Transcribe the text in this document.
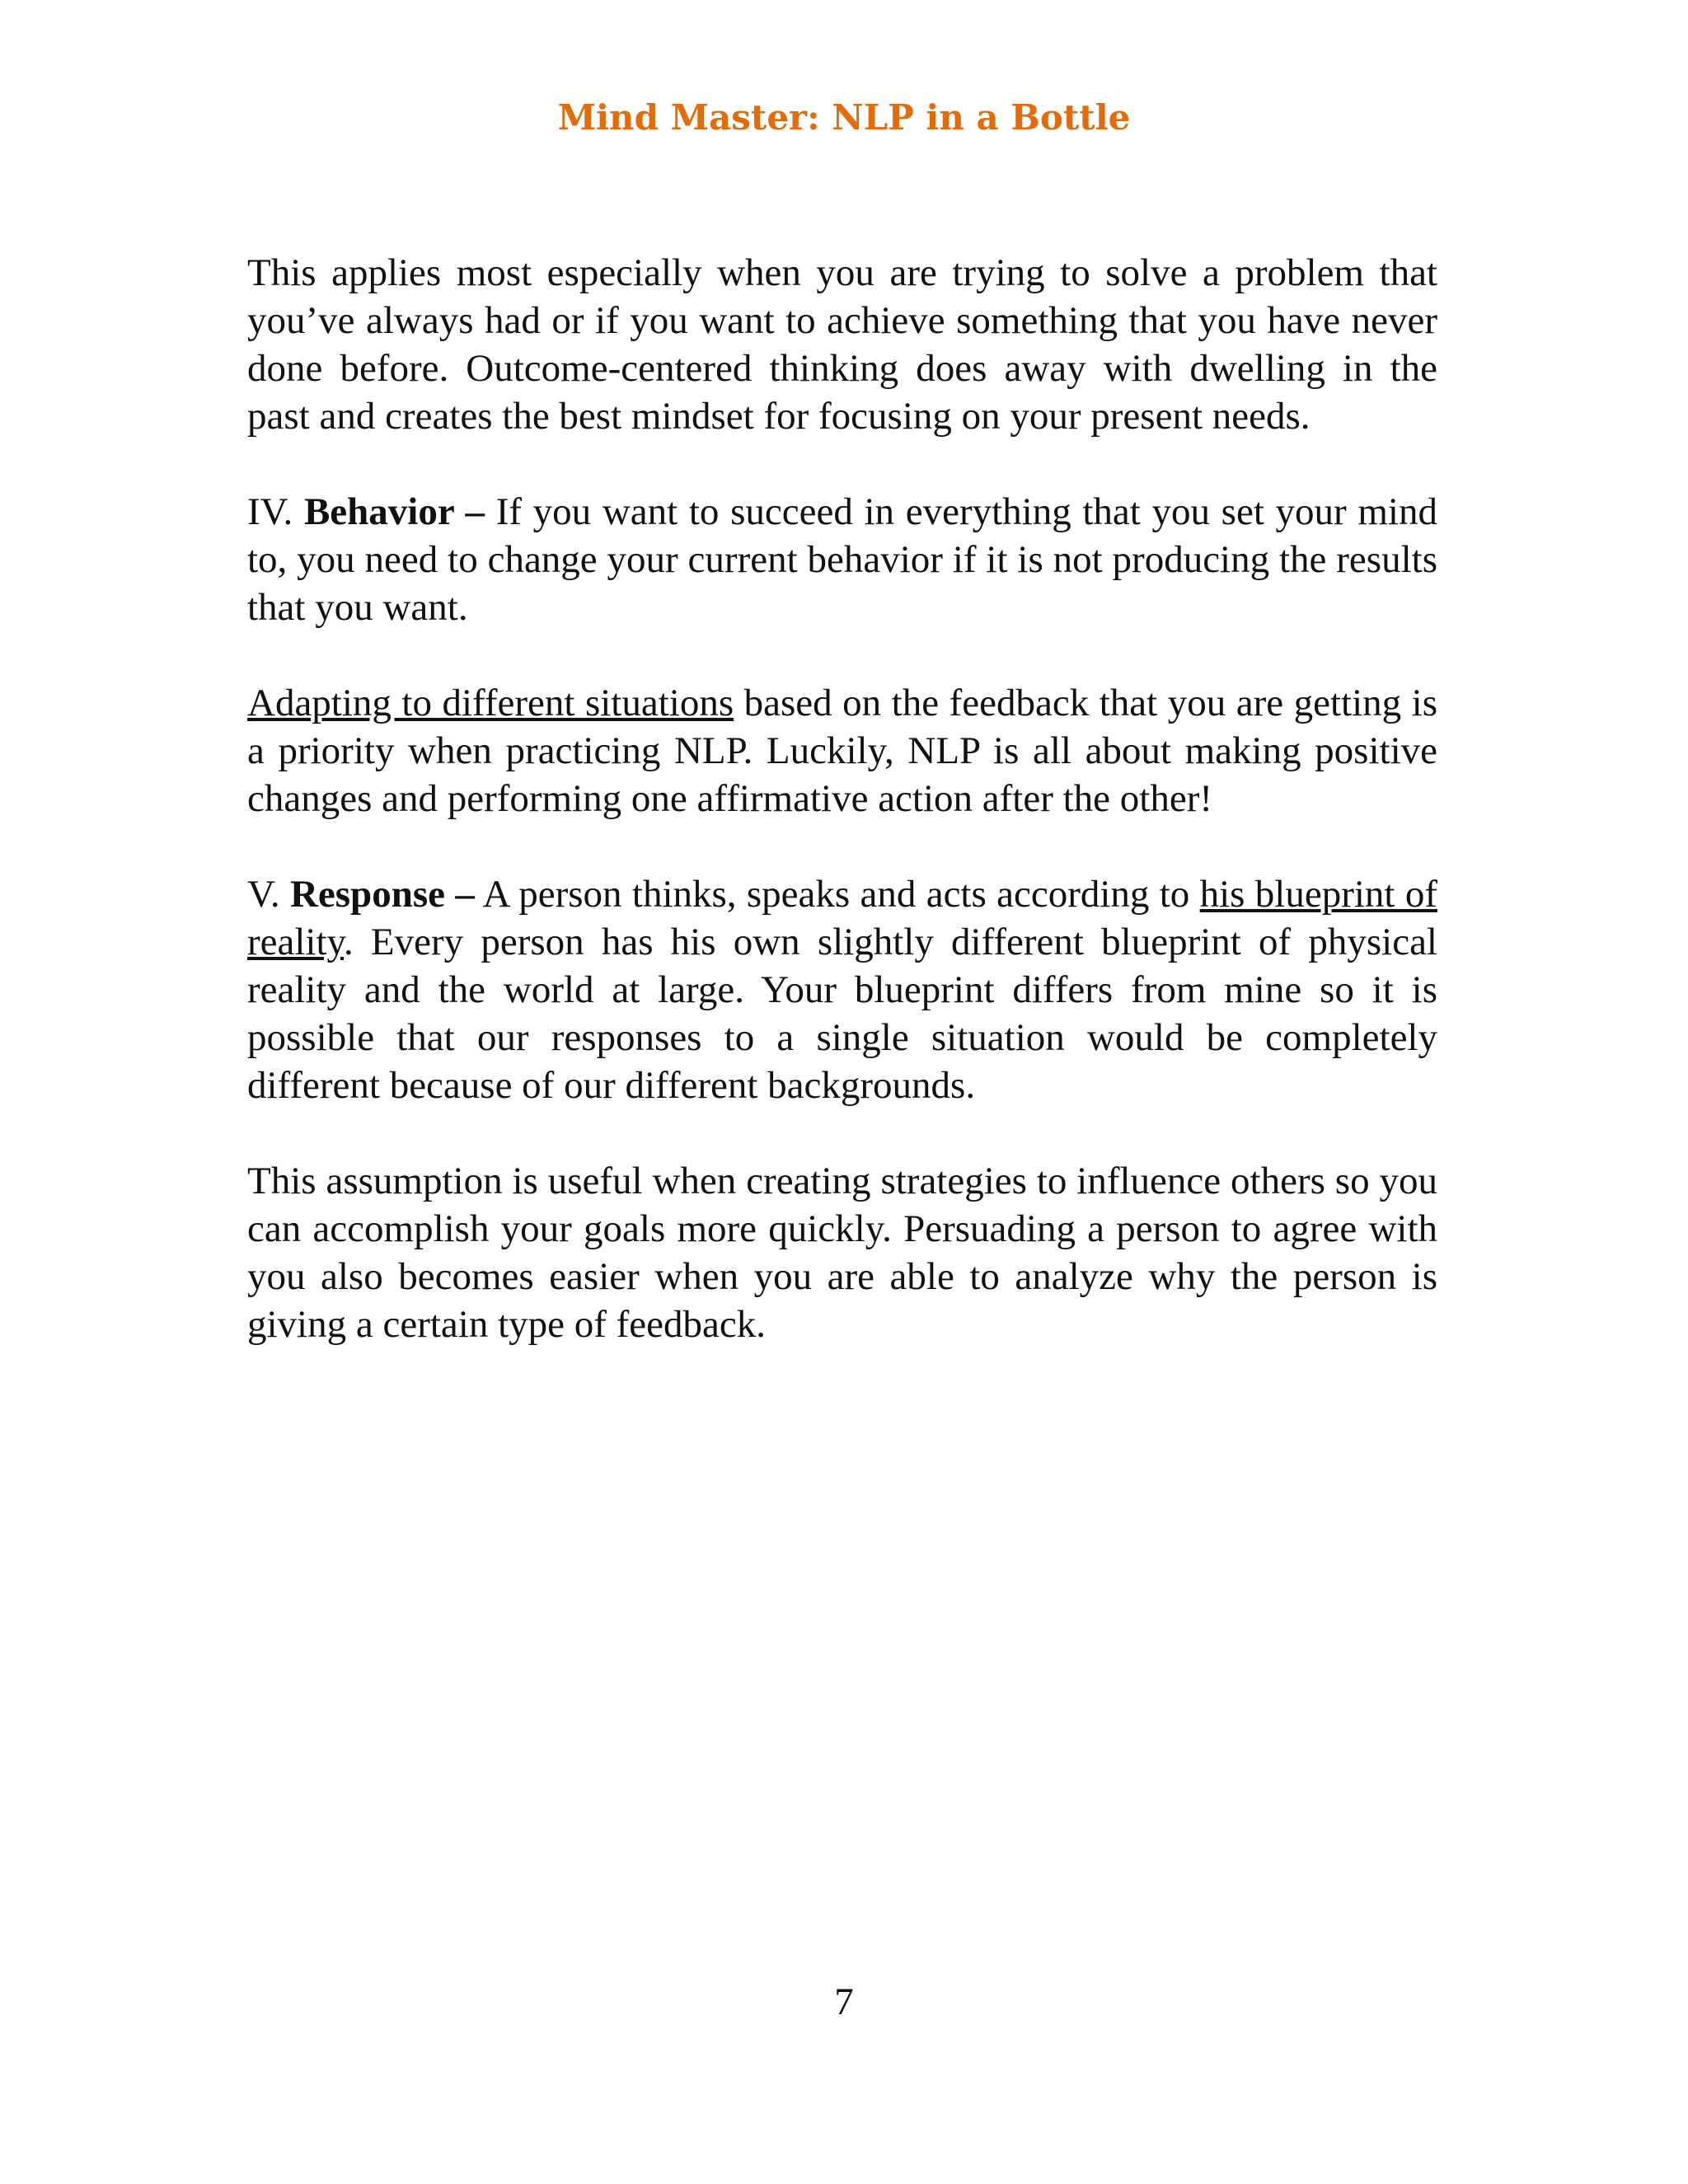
Mind Master: NLP in a Bottle

This applies most especially when you are trying to solve a problem that you’ve always had or if you want to achieve something that you have never done before. Outcome-centered thinking does away with dwelling in the past and creates the best mindset for focusing on your present needs.

IV. Behavior – If you want to succeed in everything that you set your mind to, you need to change your current behavior if it is not producing the results that you want.

Adapting to different situations based on the feedback that you are getting is a priority when practicing NLP. Luckily, NLP is all about making positive changes and performing one affirmative action after the other!

V. Response – A person thinks, speaks and acts according to his blueprint of reality. Every person has his own slightly different blueprint of physical reality and the world at large. Your blueprint differs from mine so it is possible that our responses to a single situation would be completely different because of our different backgrounds.

This assumption is useful when creating strategies to influence others so you can accomplish your goals more quickly. Persuading a person to agree with you also becomes easier when you are able to analyze why the person is giving a certain type of feedback.

7
